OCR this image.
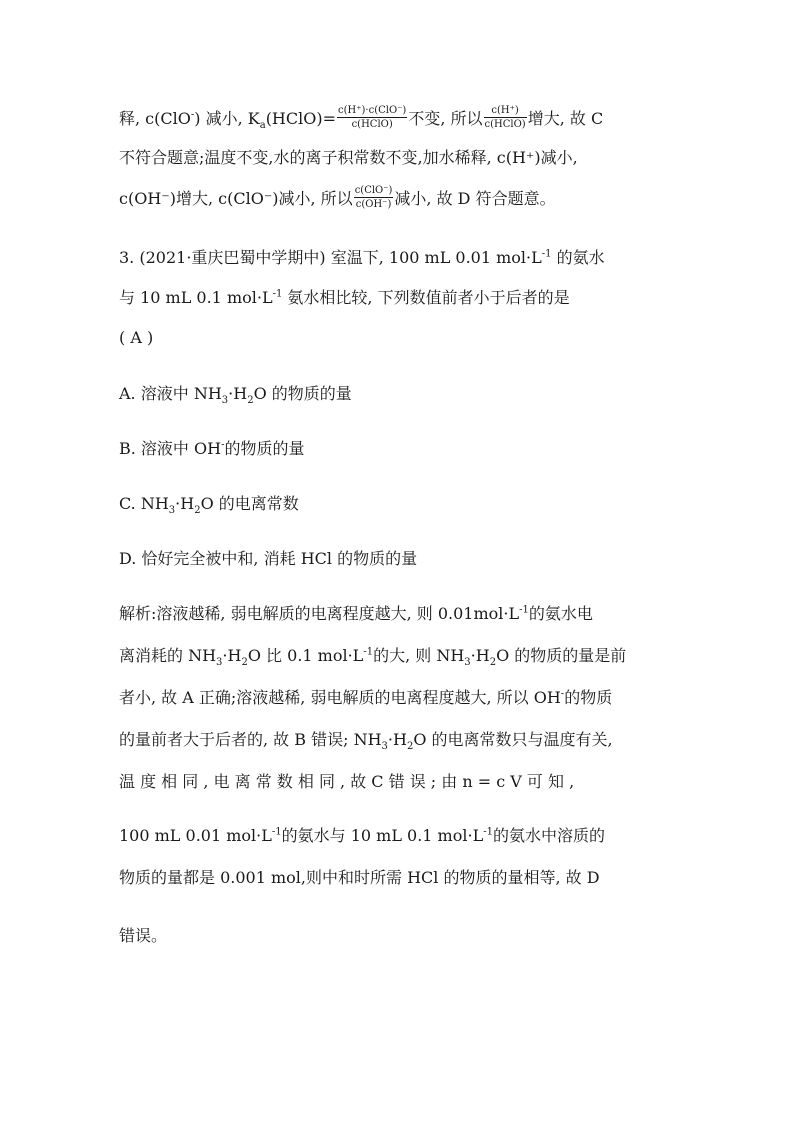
释, c(ClO-) 减小, $K_a(HClO)= \frac{\text{c(H⁺)·c(ClO⁻)}}{\text{c(HClO)}}$ 不变, 所以 $\frac{c(H^+)}{\text{c(HClO)}}$ 增大, 故 C
不符合题意;温度不变,水的离子积常数不变,加水稀释, c(H⁺)减小,
c(OH⁻)增大, c(ClO⁻)减小, 所以 $\frac{\text{c(ClO⁻)}}{c(OH^-)}$ 减小, 故 D 符合题意。
3. (2021·重庆巴蜀中学期中) 室温下, 100 mL 0.01 $mol\cdot L^{-1}$ 的氨水
与 10 mL 0.1 $mol\cdot L^{-1}$ 氨水相比较, 下列数值前者小于后者的是
( A )
A. 溶液中 $NH_3\cdot H_2O$ 的物质的量
B. 溶液中 OH-的物质的量
C. $NH_3\cdot H_2O$ 的电离常数
D. 恰好完全被中和, 消耗 HCl 的物质的量
解析:溶液越稀, 弱电解质的电离程度越大, 则 $0.01mol\cdot L^{-1}$的氨水电
离消耗的 $NH_3\cdot H_2O$ 比 0.1 $mol\cdot L^{-1}$的大, 则 $NH_3\cdot H_2O$ 的物质的量是前
者小, 故 A 正确;溶液越稀, 弱电解质的电离程度越大, 所以 OH-的物质
的量前者大于后者的, 故 B 错误; $NH_3\cdot H_2O$ 的电离常数只与温度有关,
温 度 相 同 , 电 离 常 数 相 同 , 故 C 错 误 ; 由 n = c V 可 知 ,
100 mL 0.01 $mol\cdot L^{-1}$的氨水与 10 mL 0.1 $mol\cdot L^{-1}$的氨水中溶质的
物质的量都是 0.001 mol,则中和时所需 HCl 的物质的量相等, 故 D
错误。
